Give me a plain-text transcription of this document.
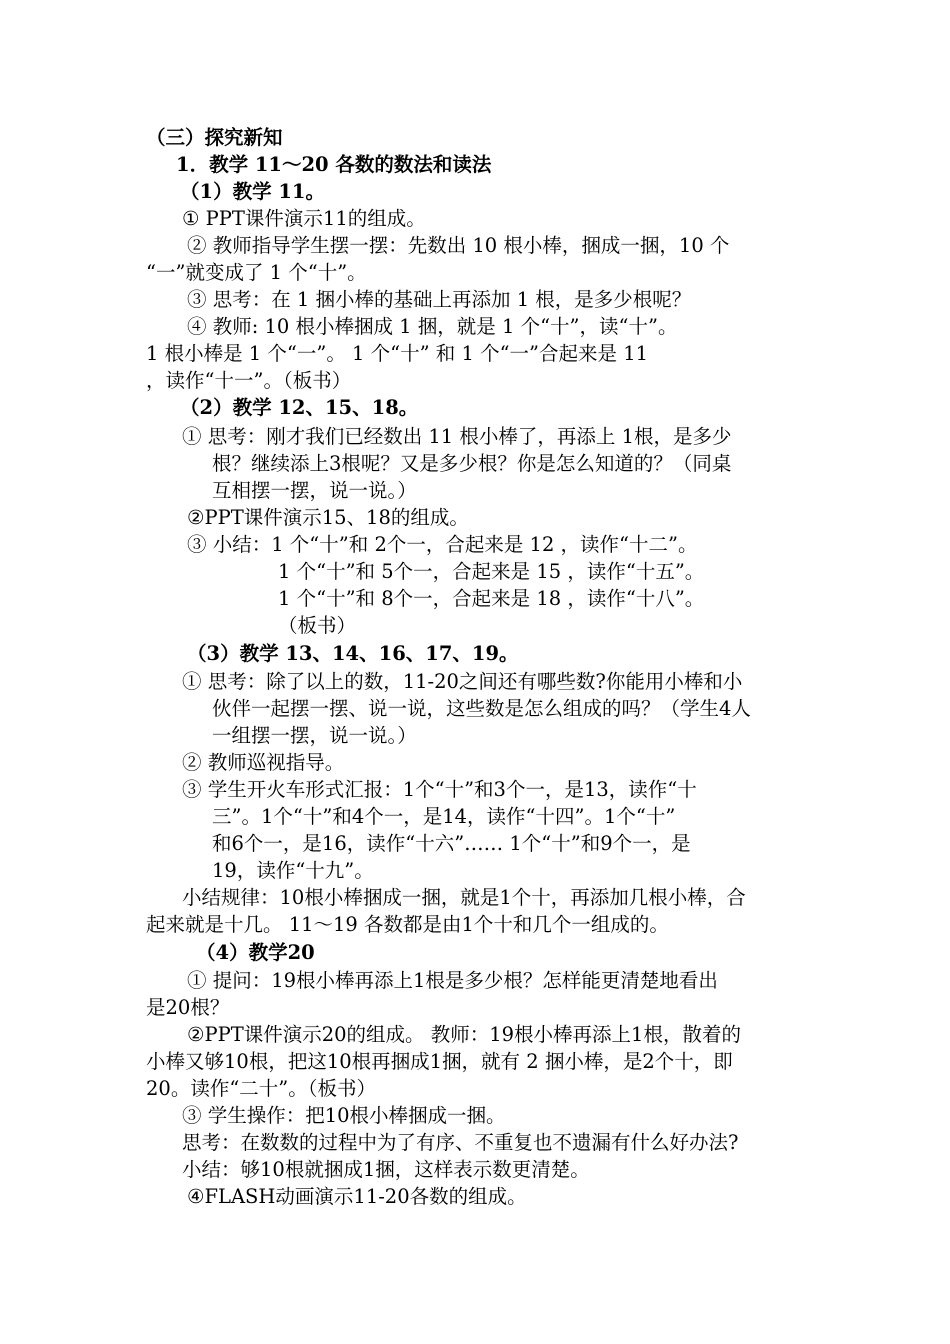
（三）探究新知
1．教学 11～20 各数的数法和读法
（1）教学 11。
① PPT课件演示11的组成。
② 教师指导学生摆一摆：先数出 10 根小棒，捆成一捆，10 个
“一”就变成了 1 个“十”。
③ 思考：在 1 捆小棒的基础上再添加 1 根，是多少根呢？
④ 教师: 10 根小棒捆成 1 捆，就是 1 个“十”，读“十”。
1 根小棒是 1 个“一”。 1 个“十” 和 1 个“一”合起来是 11
，读作“十一”。（板书）
（2）教学 12、15、18。
① 思考：刚才我们已经数出 11 根小棒了，再添上 1根，是多少
根？继续添上3根呢？又是多少根？你是怎么知道的？（同桌
互相摆一摆，说一说。）
②PPT课件演示15、18的组成。
③ 小结：1 个“十”和 2个一，合起来是 12 ，读作“十二”。
1 个“十”和 5个一，合起来是 15 ，读作“十五”。
1 个“十”和 8个一，合起来是 18 ，读作“十八”。
（板书）
（3）教学 13、14、16、17、19。
① 思考：除了以上的数，11-20之间还有哪些数?你能用小棒和小
伙伴一起摆一摆、说一说，这些数是怎么组成的吗？（学生4人
一组摆一摆，说一说。）
② 教师巡视指导。
③ 学生开火车形式汇报：1个“十”和3个一，是13，读作“十
三”。1个“十”和4个一，是14，读作“十四”。1个“十”
和6个一，是16，读作“十六”…… 1个“十”和9个一，是
19，读作“十九”。
小结规律：10根小棒捆成一捆，就是1个十，再添加几根小棒，合
起来就是十几。 11～19 各数都是由1个十和几个一组成的。
（4）教学20
① 提问：19根小棒再添上1根是多少根？怎样能更清楚地看出
是20根？
②PPT课件演示20的组成。 教师：19根小棒再添上1根，散着的
小棒又够10根，把这10根再捆成1捆，就有 2 捆小棒，是2个十，即
20。读作“二十”。（板书）
③ 学生操作：把10根小棒捆成一捆。
思考：在数数的过程中为了有序、不重复也不遗漏有什么好办法?
小结：够10根就捆成1捆，这样表示数更清楚。
④FLASH动画演示11-20各数的组成。
